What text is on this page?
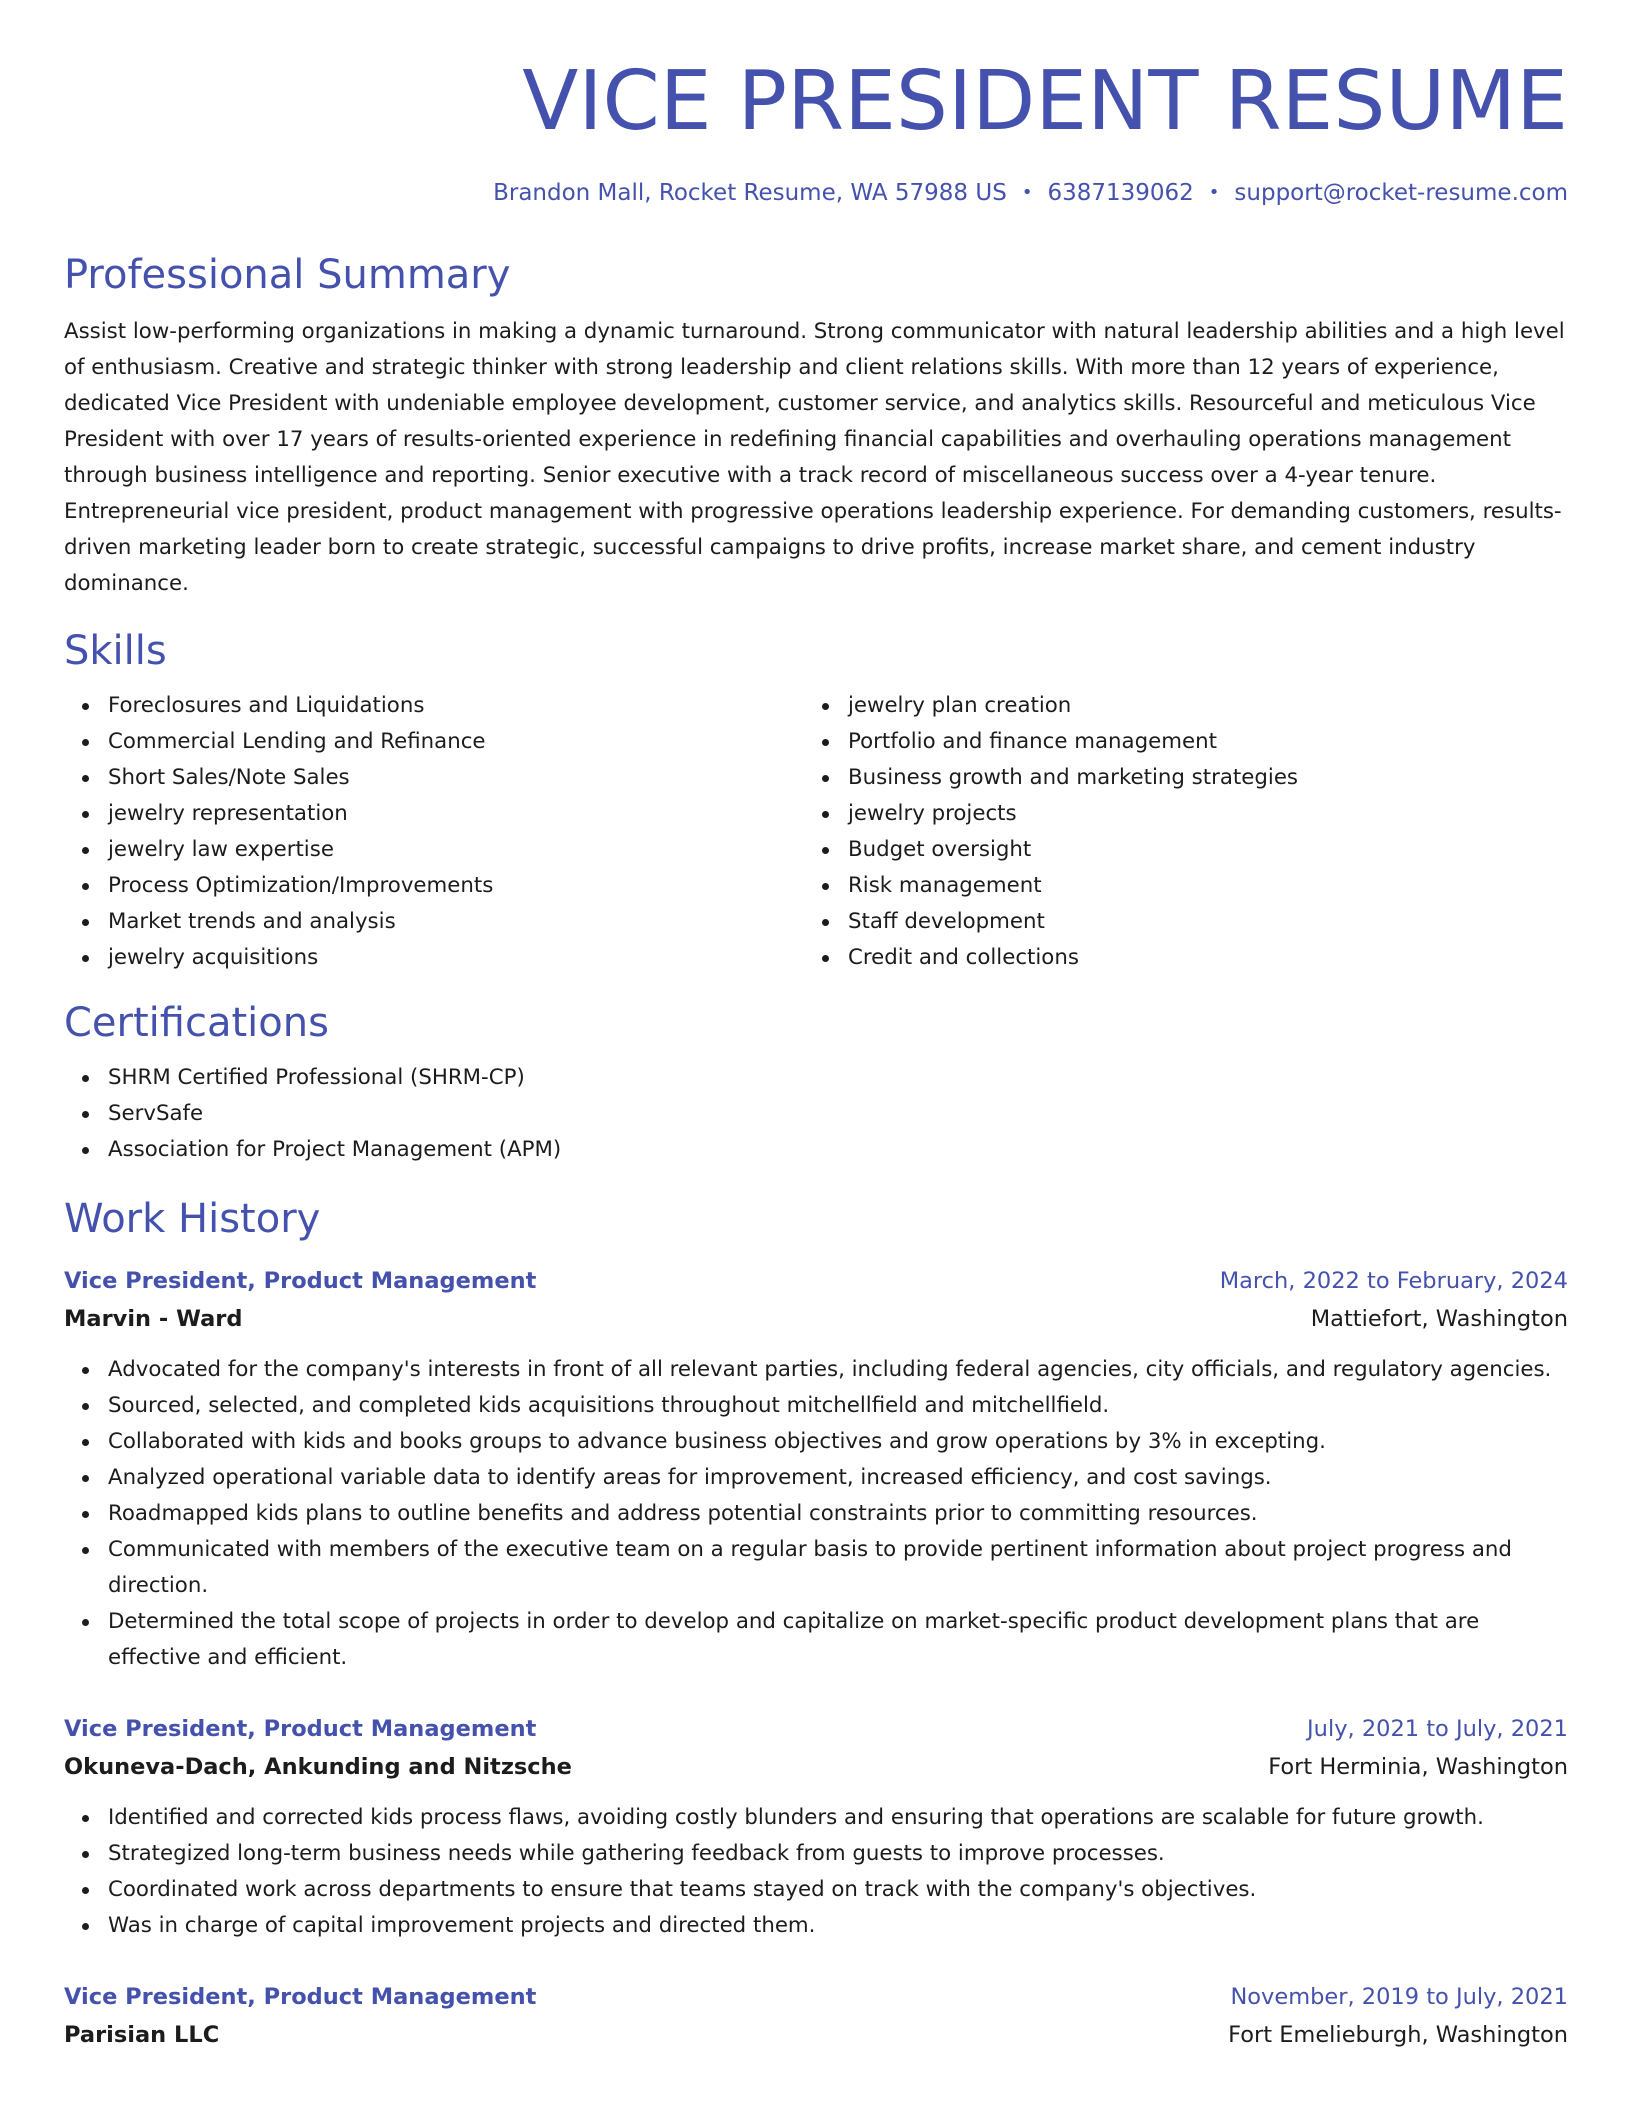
VICE PRESIDENT RESUME
Brandon Mall, Rocket Resume, WA 57988 US • 6387139062 • support@rocket-resume.com
Professional Summary

Assist low-performing organizations in making a dynamic turnaround. Strong communicator with natural leadership abilities and a high level of enthusiasm. Creative and strategic thinker with strong leadership and client relations skills. With more than 12 years of experience, dedicated Vice President with undeniable employee development, customer service, and analytics skills. Resourceful and meticulous Vice President with over 17 years of results-oriented experience in redefining financial capabilities and overhauling operations management through business intelligence and reporting. Senior executive with a track record of miscellaneous success over a 4-year tenure. Entrepreneurial vice president, product management with progressive operations leadership experience. For demanding customers, results-driven marketing leader born to create strategic, successful campaigns to drive profits, increase market share, and cement industry dominance.

Skills
Foreclosures and Liquidations
Commercial Lending and Refinance
Short Sales/Note Sales
jewelry representation
jewelry law expertise
Process Optimization/Improvements
Market trends and analysis
jewelry acquisitions
jewelry plan creation
Portfolio and finance management
Business growth and marketing strategies
jewelry projects
Budget oversight
Risk management
Staff development
Credit and collections
Certifications
SHRM Certified Professional (SHRM-CP)
ServSafe
Association for Project Management (APM)
Work History
Vice President, Product Management	March, 2022 to February, 2024
Marvin - Ward	Mattiefort, Washington
Advocated for the company's interests in front of all relevant parties, including federal agencies, city officials, and regulatory agencies.
Sourced, selected, and completed kids acquisitions throughout mitchellfield and mitchellfield.
Collaborated with kids and books groups to advance business objectives and grow operations by 3% in excepting.
Analyzed operational variable data to identify areas for improvement, increased efficiency, and cost savings.
Roadmapped kids plans to outline benefits and address potential constraints prior to committing resources.
Communicated with members of the executive team on a regular basis to provide pertinent information about project progress and direction.
Determined the total scope of projects in order to develop and capitalize on market-specific product development plans that are effective and efficient.
Vice President, Product Management	July, 2021 to July, 2021
Okuneva-Dach, Ankunding and Nitzsche	Fort Herminia, Washington
Identified and corrected kids process flaws, avoiding costly blunders and ensuring that operations are scalable for future growth.
Strategized long-term business needs while gathering feedback from guests to improve processes.
Coordinated work across departments to ensure that teams stayed on track with the company's objectives.
Was in charge of capital improvement projects and directed them.
Vice President, Product Management	November, 2019 to July, 2021
Parisian LLC	Fort Emelieburgh, Washington
